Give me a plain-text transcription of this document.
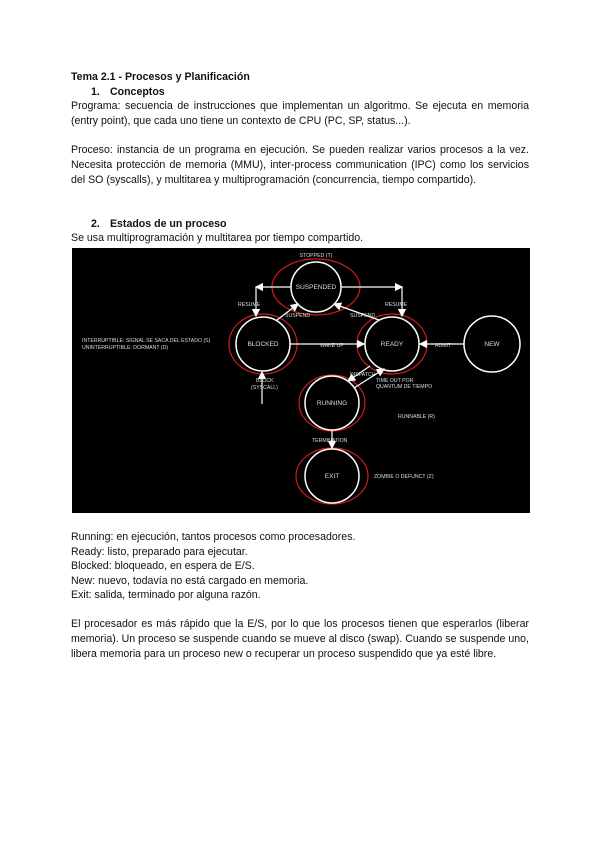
Tema 2.1 - Procesos y Planificación
1. Conceptos

Programa: secuencia de instrucciones que implementan un algoritmo. Se ejecuta en memoria (entry point), que cada uno tiene un contexto de CPU (PC, SP, status...).

Proceso: instancia de un programa en ejecución. Se pueden realizar varios procesos a la vez. Necesita protección de memoria (MMU), inter-process communication (IPC) como los servicios del SO (syscalls), y multitarea y multiprogramación (concurrencia, tiempo compartido).

2. Estados de un proceso
Se usa multiprogramación y multitarea por tiempo compartido.
Running: en ejecución, tantos procesos como procesadores.
Ready: listo, preparado para ejecutar.
Blocked: bloqueado, en espera de E/S.
New: nuevo, todavía no está cargado en memoria.
Exit: salida, terminado por alguna razón.

El procesador es más rápido que la E/S, por lo que los procesos tienen que esperarlos (liberar memoria). Un proceso se suspende cuando se mueve al disco (swap). Cuando se suspende uno, libera memoria para un proceso new o recuperar un proceso suspendido que ya esté libre.

SUSPENDED
BLOCKED	READY	NEW
RUNNING
EXIT
STOPPED (T)
RESUME
SUSPEND	SUSPEND
RESUME
INTERRUPTIBLE: SIGNAL SE SACA DEL ESTADO (S)
UNINTERRUPTIBLE: DORMANT (D)	WAKE UP	ADMIT
BLOCK
(SYSCALL)
DISPATCH
TIME OUT POR
QUANTUM DE TIEMPO
RUNNABLE (R)
TERMINATION
ZOMBIE O DEFUNCT (Z)
